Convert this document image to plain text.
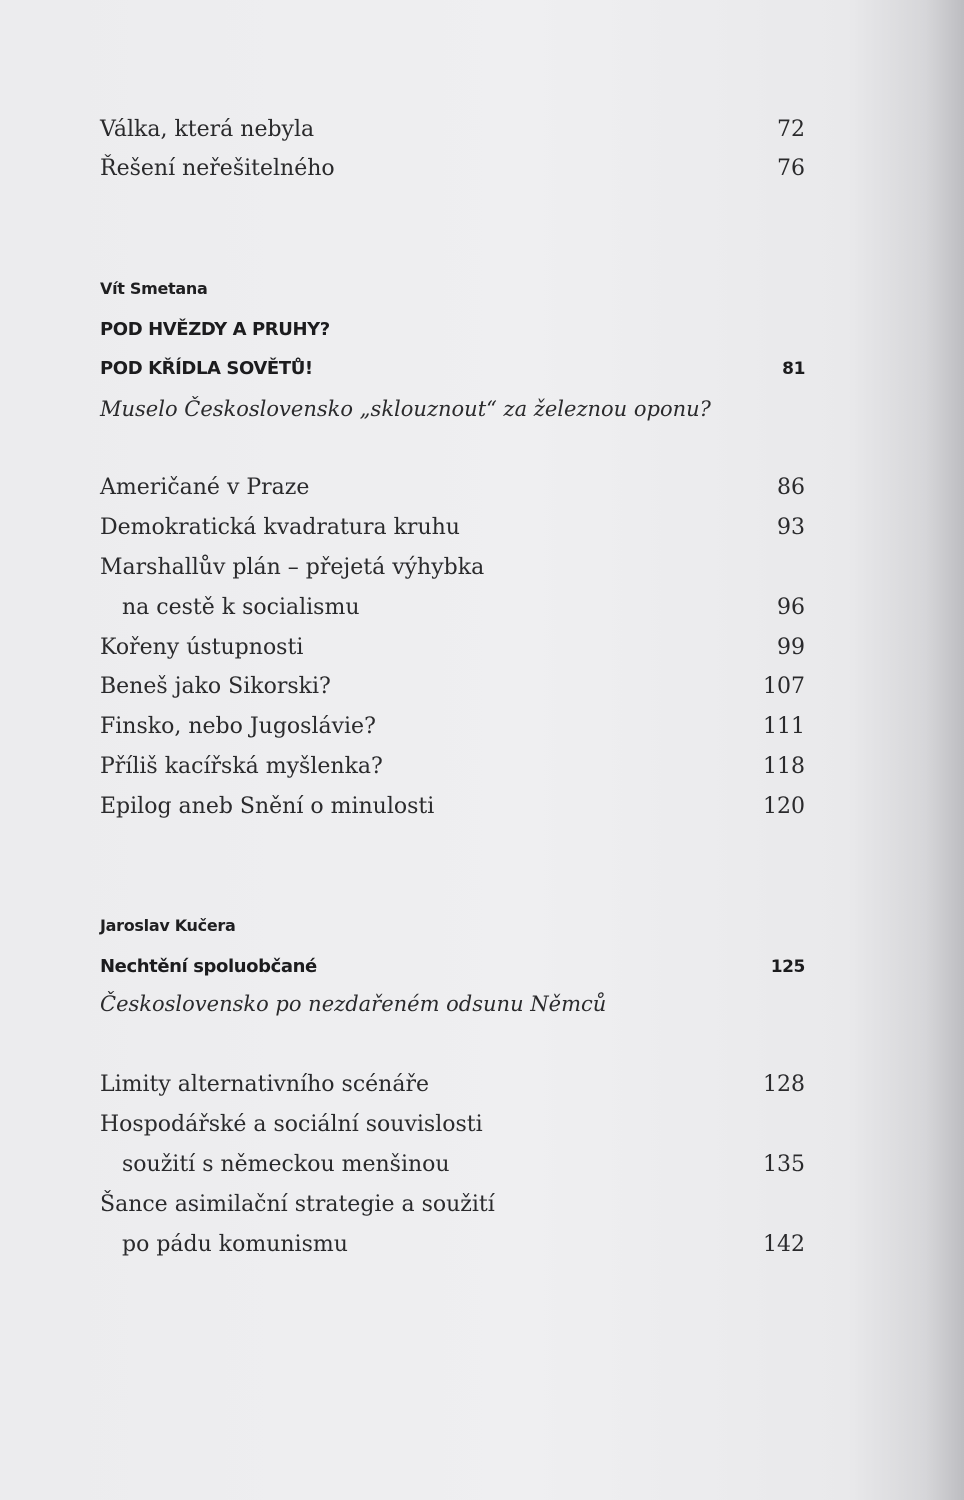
Válka, která nebyla	72
Řešení neřešitelného	76
Vít Smetana
POD HVĚZDY A PRUHY?
POD KŘÍDLA SOVĚTŮ!	81
Muselo Československo „sklouznout“ za železnou oponu?
Američané v Praze	86
Demokratická kvadratura kruhu	93
Marshallův plán – přejetá výhybka
na cestě k socialismu	96
Kořeny ústupnosti	99
Beneš jako Sikorski?	107
Finsko, nebo Jugoslávie?	111
Příliš kacířská myšlenka?	118
Epilog aneb Snění o minulosti	120
Jaroslav Kučera
Nechtění spoluobčané	125
Československo po nezdařeném odsunu Němců
Limity alternativního scénáře	128
Hospodářské a sociální souvislosti
soužití s německou menšinou	135
Šance asimilační strategie a soužití
po pádu komunismu	142
